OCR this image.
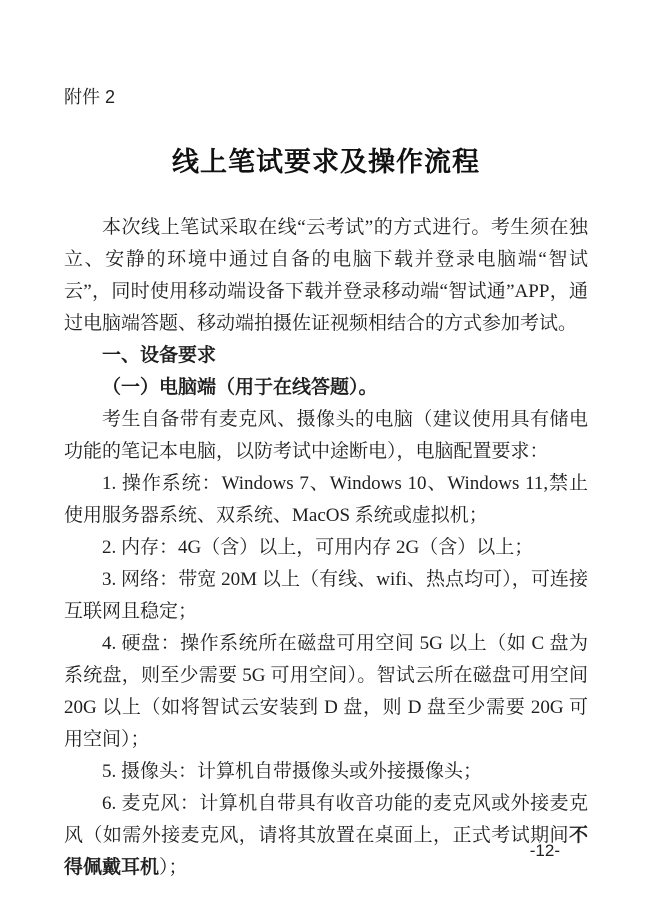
附件 2
线上笔试要求及操作流程

本次线上笔试采取在线“云考试”的方式进行。考生须在独立、安静的环境中通过自备的电脑下载并登录电脑端“智试云”，同时使用移动端设备下载并登录移动端“智试通”APP，通过电脑端答题、移动端拍摄佐证视频相结合的方式参加考试。

一、设备要求

（一）电脑端（用于在线答题）。

考生自备带有麦克风、摄像头的电脑（建议使用具有储电功能的笔记本电脑，以防考试中途断电），电脑配置要求：

1. 操作系统：Windows 7、Windows 10、Windows 11,禁止使用服务器系统、双系统、MacOS 系统或虚拟机；

2. 内存：4G（含）以上，可用内存 2G（含）以上；

3. 网络：带宽 20M 以上（有线、wifi、热点均可），可连接互联网且稳定；

4. 硬盘：操作系统所在磁盘可用空间 5G 以上（如 C 盘为系统盘，则至少需要 5G 可用空间）。智试云所在磁盘可用空间 20G 以上（如将智试云安装到 D 盘，则 D 盘至少需要 20G 可用空间）；

5. 摄像头：计算机自带摄像头或外接摄像头；

6. 麦克风：计算机自带具有收音功能的麦克风或外接麦克风（如需外接麦克风，请将其放置在桌面上，正式考试期间不得佩戴耳机）；

-12-
